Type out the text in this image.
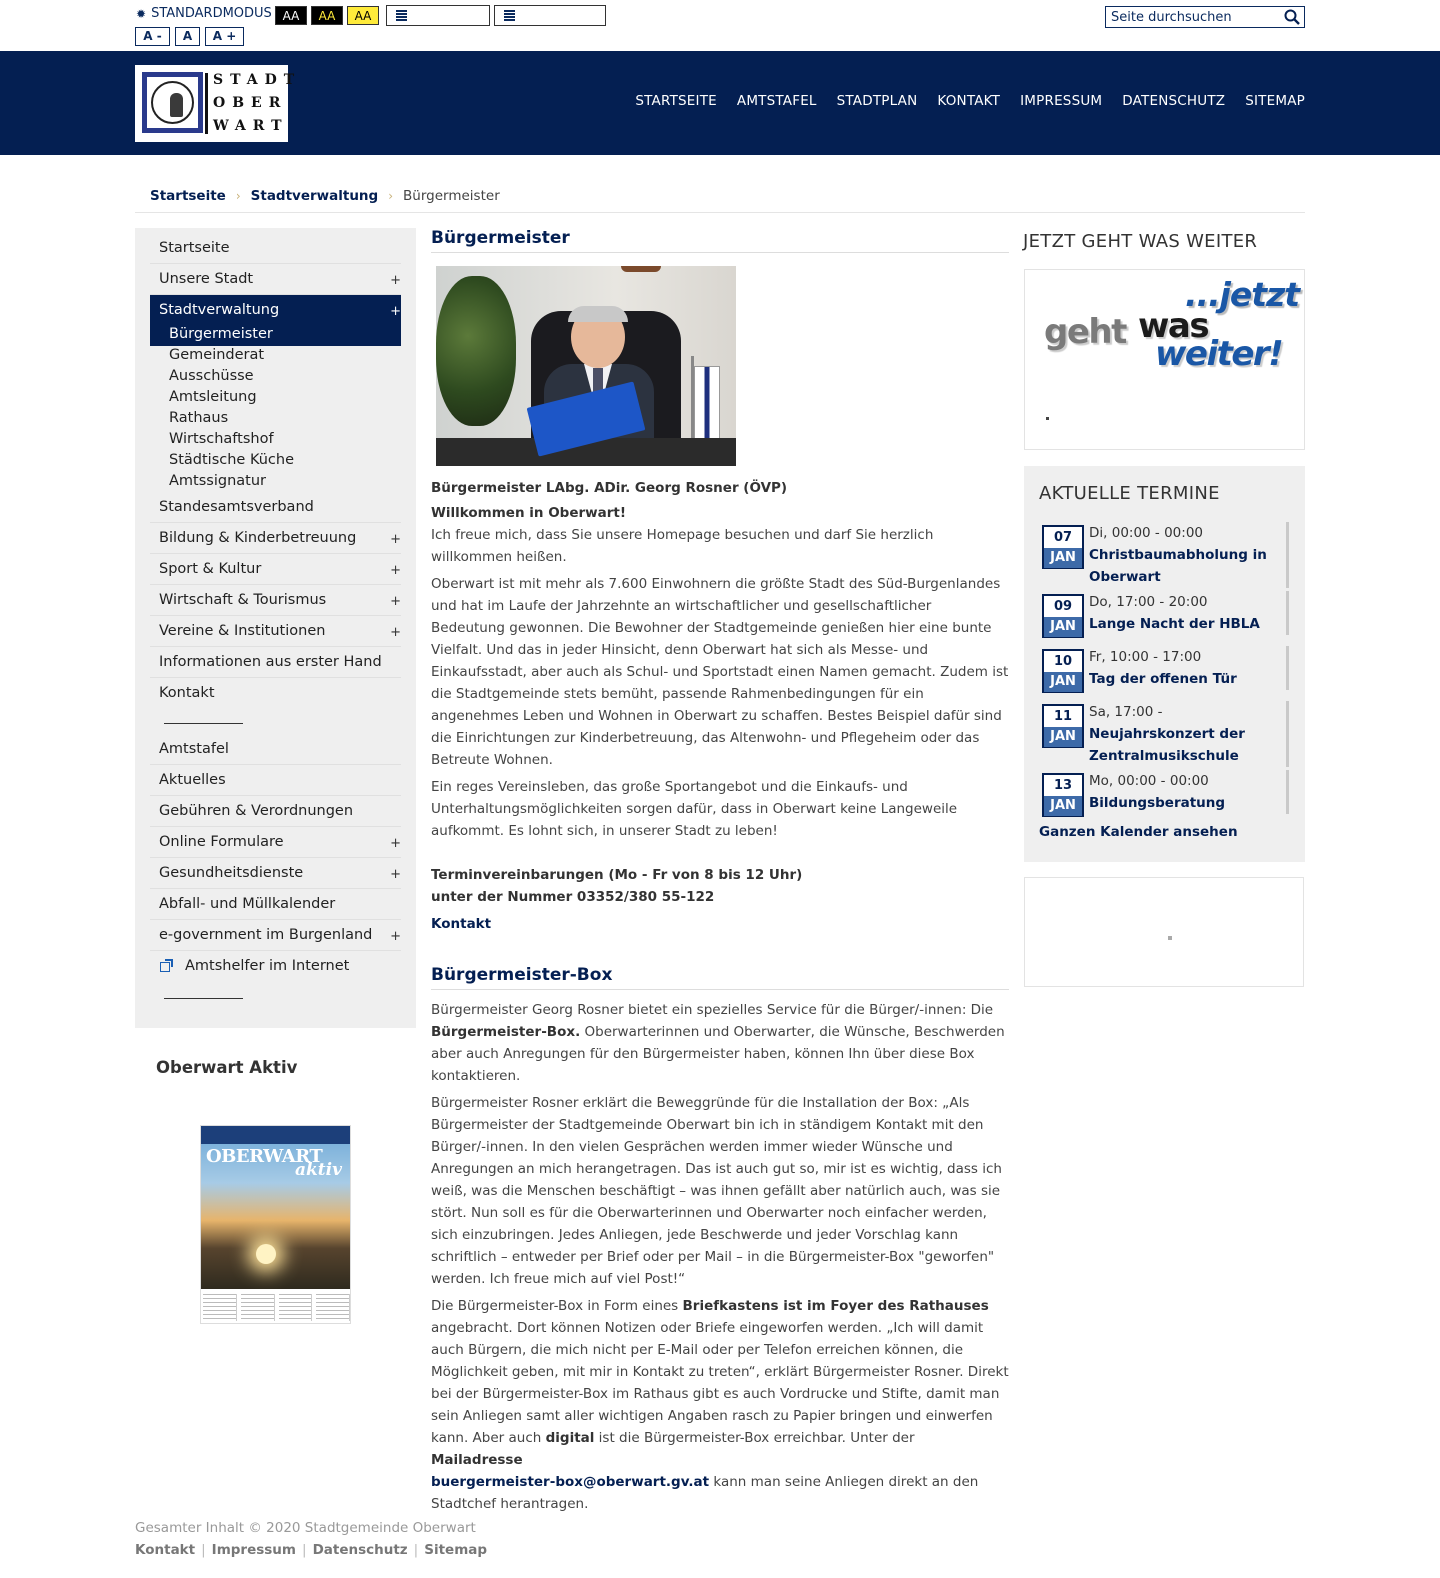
✹ STANDARDMODUS AA	AA	AA
A -	A	A +
Seite durchsuchen
STADT
OBER
WART
STARTSEITE AMTSTAFEL STADTPLAN KONTAKT IMPRESSUM DATENSCHUTZ SITEMAP
Startseite › Stadtverwaltung › Bürgermeister
Startseite
Unsere Stadt	+
Stadtverwaltung	+
Bürgermeister
Gemeinderat
Ausschüsse
Amtsleitung
Rathaus
Wirtschaftshof
Städtische Küche
Amtssignatur
Standesamtsverband
Bildung & Kinderbetreuung	+
Sport & Kultur	+
Wirtschaft & Tourismus	+
Vereine & Institutionen	+
Informationen aus erster Hand
Kontakt
Amtstafel
Aktuelles
Gebühren & Verordnungen
Online Formulare	+
Gesundheitsdienste	+
Abfall- und Müllkalender
e-government im Burgenland +
Amtshelfer im Internet
Oberwart Aktiv
OBERWART
aktiv
Bürgermeister

Bürgermeister LAbg. ADir. Georg Rosner (ÖVP)

Willkommen in Oberwart!

Ich freue mich, dass Sie unsere Homepage besuchen und darf Sie herzlich willkommen heißen.

Oberwart ist mit mehr als 7.600 Einwohnern die größte Stadt des Süd-Burgenlandes und hat im Laufe der Jahrzehnte an wirtschaftlicher und gesellschaftlicher Bedeutung gewonnen. Die Bewohner der Stadtgemeinde genießen hier eine bunte Vielfalt. Und das in jeder Hinsicht, denn Oberwart hat sich als Messe- und Einkaufsstadt, aber auch als Schul- und Sportstadt einen Namen gemacht. Zudem ist die Stadtgemeinde stets bemüht, passende Rahmenbedingungen für ein angenehmes Leben und Wohnen in Oberwart zu schaffen. Bestes Beispiel dafür sind die Einrichtungen zur Kinderbetreuung, das Altenwohn- und Pflegeheim oder das Betreute Wohnen.

Ein reges Vereinsleben, das große Sportangebot und die Einkaufs- und Unterhaltungsmöglichkeiten sorgen dafür, dass in Oberwart keine Langeweile aufkommt. Es lohnt sich, in unserer Stadt zu leben!

Terminvereinbarungen (Mo - Fr von 8 bis 12 Uhr)

unter der Nummer 03352/380 55-122

Kontakt

Bürgermeister-Box

Bürgermeister Georg Rosner bietet ein spezielles Service für die Bürger/-innen: Die Bürgermeister-Box. Oberwarterinnen und Oberwarter, die Wünsche, Beschwerden aber auch Anregungen für den Bürgermeister haben, können Ihn über diese Box kontaktieren.

Bürgermeister Rosner erklärt die Beweggründe für die Installation der Box: „Als Bürgermeister der Stadtgemeinde Oberwart bin ich in ständigem Kontakt mit den Bürger/-innen. In den vielen Gesprächen werden immer wieder Wünsche und Anregungen an mich herangetragen. Das ist auch gut so, mir ist es wichtig, dass ich weiß, was die Menschen beschäftigt – was ihnen gefällt aber natürlich auch, was sie stört. Nun soll es für die Oberwarterinnen und Oberwarter noch einfacher werden, sich einzubringen. Jedes Anliegen, jede Beschwerde und jeder Vorschlag kann schriftlich – entweder per Brief oder per Mail – in die Bürgermeister-Box "geworfen" werden. Ich freue mich auf viel Post!“

Die Bürgermeister-Box in Form eines Briefkastens ist im Foyer des Rathauses angebracht. Dort können Notizen oder Briefe eingeworfen werden. „Ich will damit auch Bürgern, die mich nicht per E-Mail oder per Telefon erreichen können, die Möglichkeit geben, mit mir in Kontakt zu treten“, erklärt Bürgermeister Rosner. Direkt bei der Bürgermeister-Box im Rathaus gibt es auch Vordrucke und Stifte, damit man sein Anliegen samt aller wichtigen Angaben rasch zu Papier bringen und einwerfen kann. Aber auch digital ist die Bürgermeister-Box erreichbar. Unter der Mailadresse
buergermeister-box@oberwart.gv.at kann man seine Anliegen direkt an den Stadtchef herantragen.

JETZT GEHT WAS WEITER
...jetzt
geht was
weiter!
AKTUELLE TERMINE
07
JAN
Di, 00:00 - 00:00
Christbaumabholung in Oberwart
09
JAN
Do, 17:00 - 20:00
Lange Nacht der HBLA
10
JAN
Fr, 10:00 - 17:00
Tag der offenen Tür
11
JAN
Sa, 17:00 -
Neujahrskonzert der Zentralmusikschule
13
JAN
Mo, 00:00 - 00:00
Bildungsberatung
Ganzen Kalender ansehen
Gesamter Inhalt © 2020 Stadtgemeinde Oberwart
Kontakt | Impressum | Datenschutz | Sitemap
